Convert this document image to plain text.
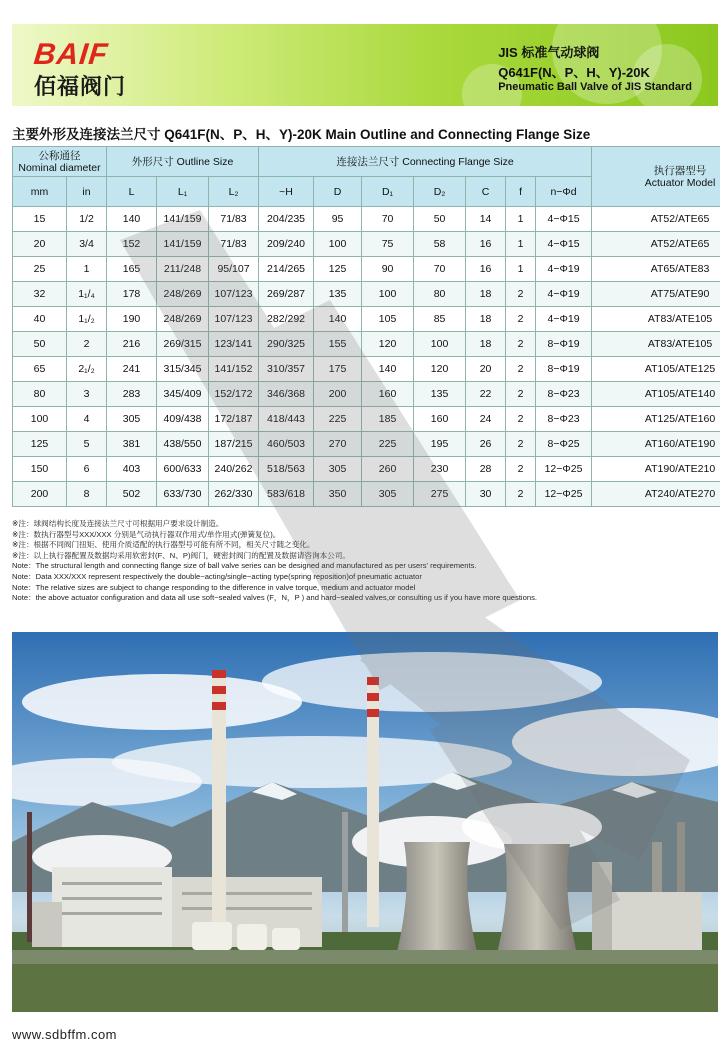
BAIF
佰福阀门
JIS 标准气动球阀
Q641F(N、P、H、Y)-20K
Pneumatic Ball Valve of JIS Standard
主要外形及连接法兰尺寸 Q641F(N、P、H、Y)-20K Main Outline and Connecting Flange Size
公称通径
Nominal diameter		外形尺寸 Outline Size			连接法兰尺寸 Connecting Flange Size							执行器型号
Actuator Model
mm	in	L	L₁	L₂	~H	D	D₁	D₂	C	f	n−Φd	
15	1/2	140	141/159	71/83	204/235	95	70	50	14	1	4−Φ15	AT52/ATE65
20	3/4	152	141/159	71/83	209/240	100	75	58	16	1	4−Φ15	AT52/ATE65
25	1	165	211/248	95/107	214/265	125	90	70	16	1	4−Φ19	AT65/ATE83
32	1₁/₄	178	248/269	107/123	269/287	135	100	80	18	2	4−Φ19	AT75/ATE90
40	1₁/₂	190	248/269	107/123	282/292	140	105	85	18	2	4−Φ19	AT83/ATE105
50	2	216	269/315	123/141	290/325	155	120	100	18	2	8−Φ19	AT83/ATE105
65	2₁/₂	241	315/345	141/152	310/357	175	140	120	20	2	8−Φ19	AT105/ATE125
80	3	283	345/409	152/172	346/368	200	160	135	22	2	8−Φ23	AT105/ATE140
100	4	305	409/438	172/187	418/443	225	185	160	24	2	8−Φ23	AT125/ATE160
125	5	381	438/550	187/215	460/503	270	225	195	26	2	8−Φ25	AT160/ATE190
150	6	403	600/633	240/262	518/563	305	260	230	28	2	12−Φ25	AT190/ATE210
200	8	502	633/730	262/330	583/618	350	305	275	30	2	12−Φ25	AT240/ATE270
※注：球阀结构长度及连接法兰尺寸可根据用户要求设计制造。
※注：数执行器型号XXX/XXX 分别是气动执行器双作用式/单作用式(弹簧复位)。
※注：根据不同阀门扭矩、使用介质适配的执行器型号可能有所不同，相关尺寸随之变化。
※注：以上执行器配置及数据均采用软密封(F、N、P)阀门，硬密封阀门的配置及数据请咨询本公司。
Note：The structural length and connecting flange size of ball valve series can be designed and manufactured as per users' requirements.
Note：Data XXX/XXX represent respectively the double−acting/single−acting type(spring reposition)of pneumatic actuator
Note：The relative sizes are subject to change responding to the difference in valve torque, medium and actuator model
Note：the above actuator configuration and data all use soft−sealed valves (F，N，P ) and hard−sealed valves,or consulting us if you have more questions.
www.sdbffm.com
